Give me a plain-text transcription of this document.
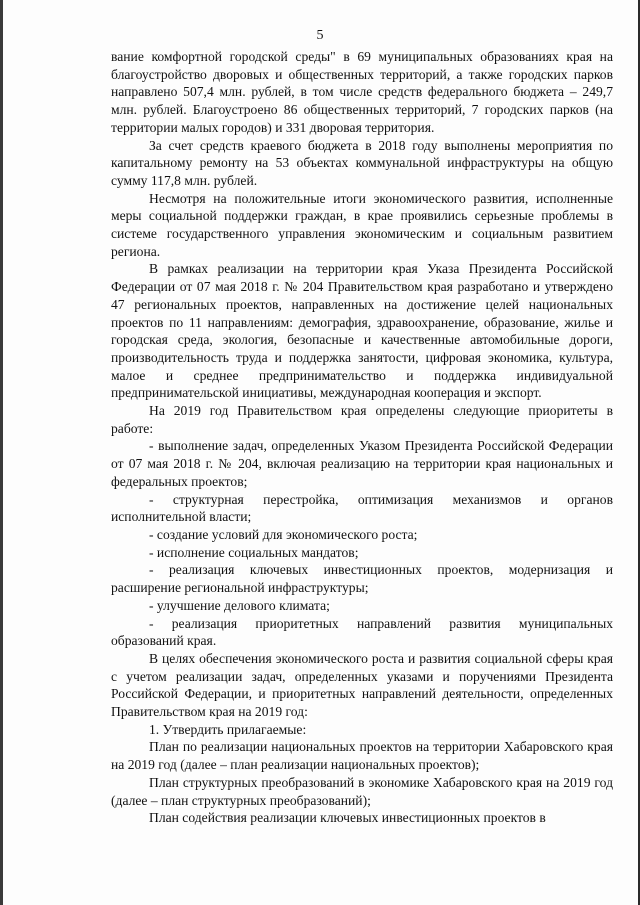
5

вание комфортной городской среды" в 69 муниципальных образованиях края на благоустройство дворовых и общественных территорий, а также городских парков направлено 507,4 млн. рублей, в том числе средств федерального бюджета – 249,7 млн. рублей. Благоустроено 86 общественных территорий, 7 городских парков (на территории малых городов) и 331 дворовая территория.

За счет средств краевого бюджета в 2018 году выполнены мероприятия по капитальному ремонту на 53 объектах коммунальной инфраструктуры на общую сумму 117,8 млн. рублей.

Несмотря на положительные итоги экономического развития, исполненные меры социальной поддержки граждан, в крае проявились серьезные проблемы в системе государственного управления экономическим и социальным развитием региона.

В рамках реализации на территории края Указа Президента Российской Федерации от 07 мая 2018 г. № 204 Правительством края разработано и утверждено 47 региональных проектов, направленных на достижение целей национальных проектов по 11 направлениям: демография, здравоохранение, образование, жилье и городская среда, экология, безопасные и качественные автомобильные дороги, производительность труда и поддержка занятости, цифровая экономика, культура, малое и среднее предпринимательство и поддержка индивидуальной предпринимательской инициативы, международная кооперация и экспорт.

На 2019 год Правительством края определены следующие приоритеты в работе:

- выполнение задач, определенных Указом Президента Российской Федерации от 07 мая 2018 г. № 204, включая реализацию на территории края национальных и федеральных проектов;

- структурная перестройка, оптимизация механизмов и органов исполнительной власти;

- создание условий для экономического роста;

- исполнение социальных мандатов;

- реализация ключевых инвестиционных проектов, модернизация и расширение региональной инфраструктуры;

- улучшение делового климата;

- реализация приоритетных направлений развития муниципальных образований края.

В целях обеспечения экономического роста и развития социальной сферы края с учетом реализации задач, определенных указами и поручениями Президента Российской Федерации, и приоритетных направлений деятельности, определенных Правительством края на 2019 год:

1. Утвердить прилагаемые:

План по реализации национальных проектов на территории Хабаровского края на 2019 год (далее – план реализации национальных проектов);

План структурных преобразований в экономике Хабаровского края на 2019 год (далее – план структурных преобразований);

План содействия реализации ключевых инвестиционных проектов в
